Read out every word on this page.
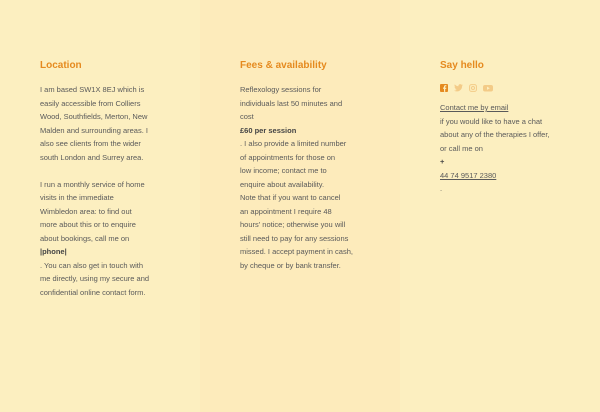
Location

I am based SW1X 8EJ which is
easily accessible from Colliers
Wood, Southfields, Merton, New
Malden and surrounding areas. I
also see clients from the wider
south London and Surrey area.

I run a monthly service of home
visits in the immediate
Wimbledon area: to find out
more about this or to enquire
about bookings, call me on

|phone|

. You can also get in touch with
me directly, using my secure and
confidential online contact form.

Fees & availability

Reflexology sessions for
individuals last 50 minutes and
cost

£60 per session

. I also provide a limited number
of appointments for those on
low income; contact me to
enquire about availability.
Note that if you want to cancel
an appointment I require 48
hours' notice; otherwise you will
still need to pay for any sessions
missed. I accept payment in cash,
by cheque or by bank transfer.

Say hello

Contact me by email
if you would like to have a chat
about any of the therapies I offer,
or call me on

+

44 74 9517 2380

.
